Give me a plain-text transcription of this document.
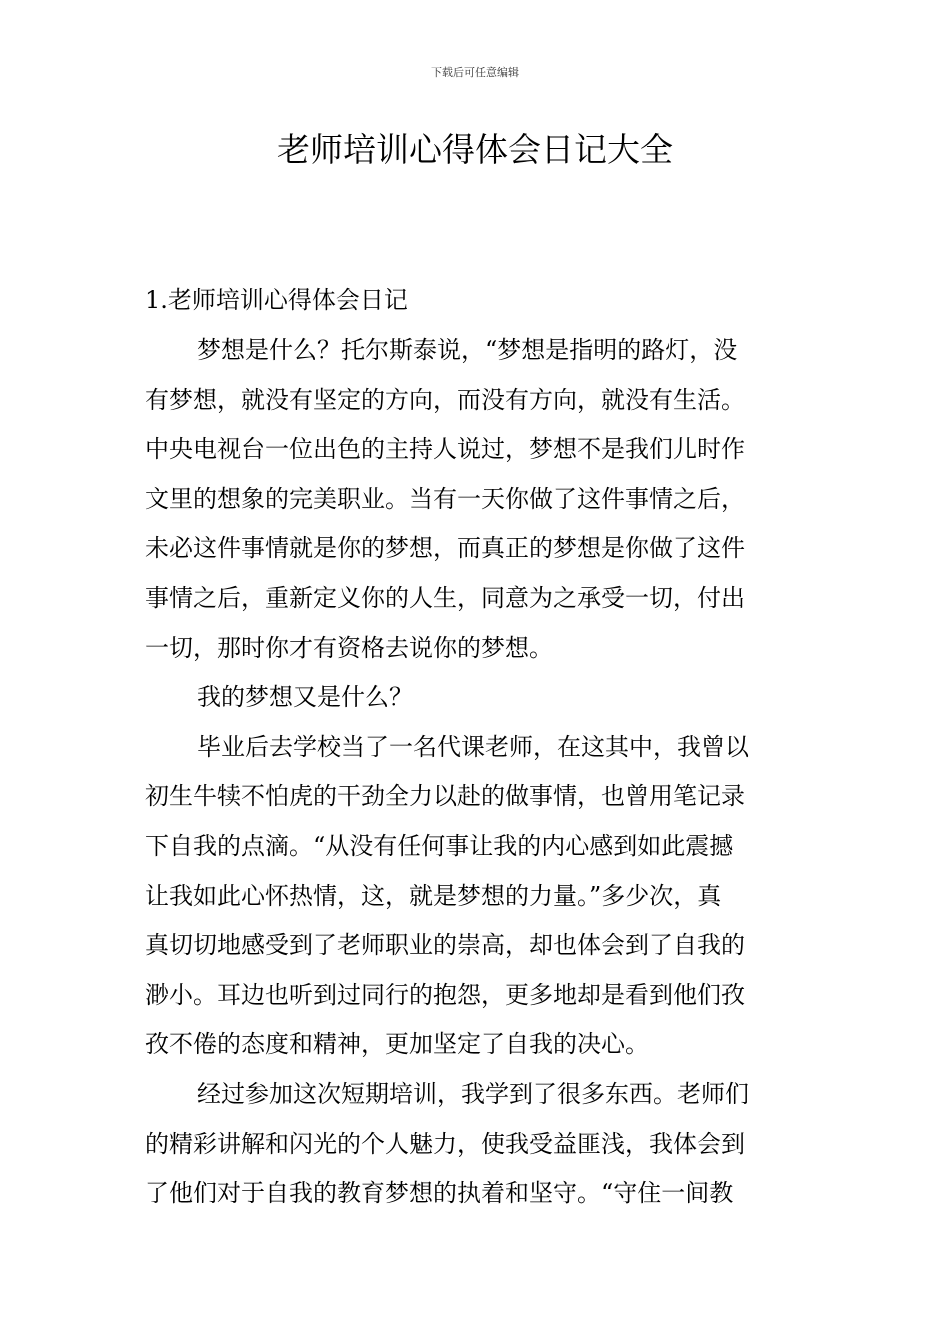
下载后可任意编辑
老师培训心得体会日记大全
1.老师培训心得体会日记
梦想是什么？托尔斯泰说，“梦想是指明的路灯，没
有梦想，就没有坚定的方向，而没有方向，就没有生活。
中央电视台一位出色的主持人说过，梦想不是我们儿时作
文里的想象的完美职业。当有一天你做了这件事情之后，
未必这件事情就是你的梦想，而真正的梦想是你做了这件
事情之后，重新定义你的人生，同意为之承受一切，付出
一切，那时你才有资格去说你的梦想。
我的梦想又是什么？
毕业后去学校当了一名代课老师，在这其中，我曾以
初生牛犊不怕虎的干劲全力以赴的做事情，也曾用笔记录
下自我的点滴。“从没有任何事让我的内心感到如此震撼
让我如此心怀热情，这，就是梦想的力量。”多少次，真
真切切地感受到了老师职业的崇高，却也体会到了自我的
渺小。耳边也听到过同行的抱怨，更多地却是看到他们孜
孜不倦的态度和精神，更加坚定了自我的决心。
经过参加这次短期培训，我学到了很多东西。老师们
的精彩讲解和闪光的个人魅力，使我受益匪浅，我体会到
了他们对于自我的教育梦想的执着和坚守。“守住一间教
